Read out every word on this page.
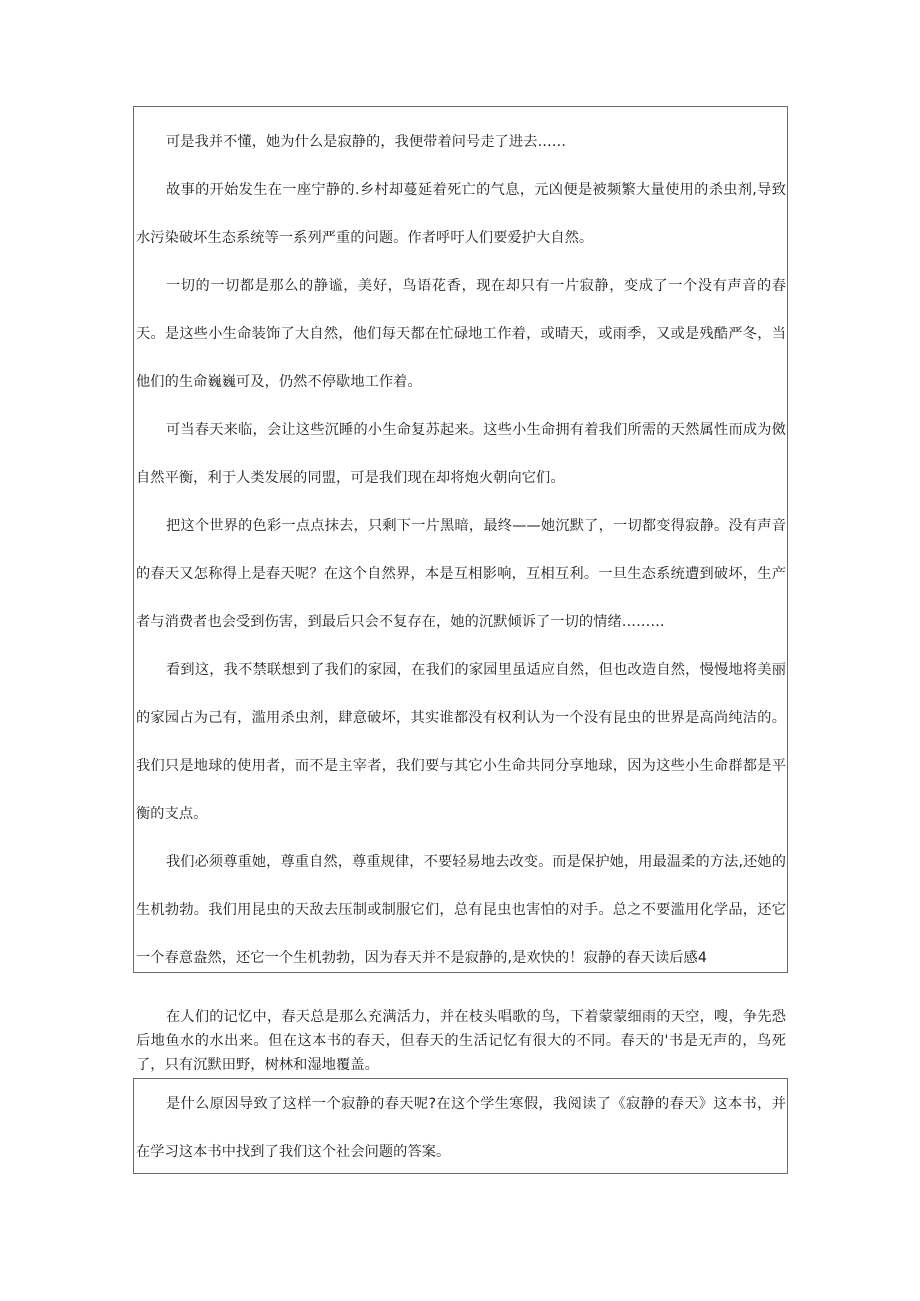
可是我并不懂，她为什么是寂静的，我便带着问号走了进去……

故事的开始发生在一座宁静的.乡村却蔓延着死亡的气息，元凶便是被频繁大量使用的杀虫剂,导致水污染破坏生态系统等一系列严重的问题。作者呼吁人们要爱护大自然。

一切的一切都是那么的静谧，美好，鸟语花香，现在却只有一片寂静，变成了一个没有声音的春天。是这些小生命装饰了大自然，他们每天都在忙碌地工作着，或晴天，或雨季，又或是残酷严冬，当他们的生命巍巍可及，仍然不停歇地工作着。

可当春天来临，会让这些沉睡的小生命复苏起来。这些小生命拥有着我们所需的天然属性而成为傚自然平衡，利于人类发展的同盟，可是我们现在却将炮火朝向它们。

把这个世界的色彩一点点抹去，只剩下一片黑暗，最终——她沉默了，一切都变得寂静。没有声音的春天又怎称得上是春天呢？在这个自然界，本是互相影响，互相互利。一旦生态系统遭到破坏，生产者与消费者也会受到伤害，到最后只会不复存在，她的沉默倾诉了一切的情绪………

看到这，我不禁联想到了我们的家园，在我们的家园里虽适应自然，但也改造自然，慢慢地将美丽的家园占为己有，滥用杀虫剂，肆意破坏，其实谁都没有权利认为一个没有昆虫的世界是高尚纯洁的。我们只是地球的使用者，而不是主宰者，我们要与其它小生命共同分享地球，因为这些小生命群都是平衡的支点。

我们必须尊重她，尊重自然，尊重规律，不要轻易地去改变。而是保护她，用最温柔的方法,还她的生机勃勃。我们用昆虫的天敌去压制或制服它们，总有昆虫也害怕的对手。总之不要滥用化学品，还它一个春意盎然，还它一个生机勃勃，因为春天并不是寂静的,是欢快的！寂静的春天读后感4

在人们的记忆中，春天总是那么充满活力，并在枝头唱歌的鸟，下着蒙蒙细雨的天空，嗖，争先恐后地鱼水的水出来。但在这本书的春天，但春天的生活记忆有很大的不同。春天的'书是无声的，鸟死了，只有沉默田野，树林和湿地覆盖。

是什么原因导致了这样一个寂静的春天呢?在这个学生寒假，我阅读了《寂静的春天》这本书，并在学习这本书中找到了我们这个社会问题的答案。
